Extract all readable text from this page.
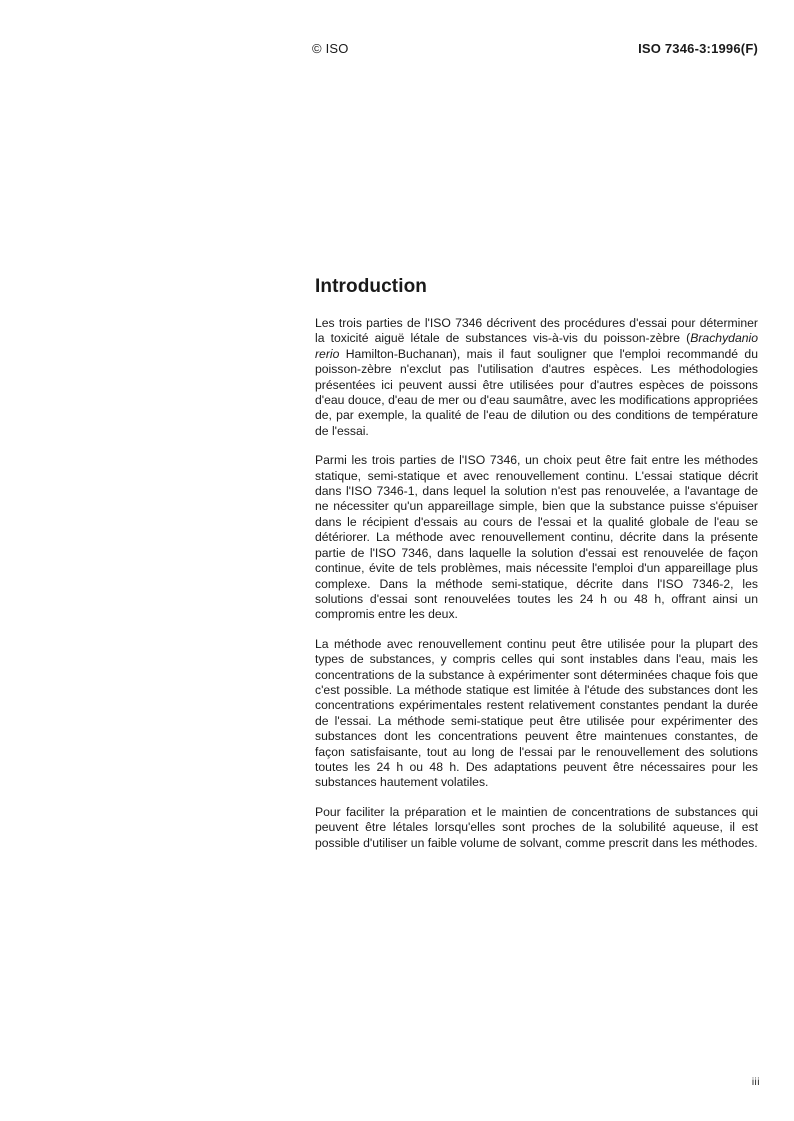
© ISO	ISO 7346-3:1996(F)
Introduction

Les trois parties de l'ISO 7346 décrivent des procédures d'essai pour déterminer la toxicité aiguë létale de substances vis-à-vis du poisson-zèbre (Brachydanio rerio Hamilton-Buchanan), mais il faut souligner que l'emploi recommandé du poisson-zèbre n'exclut pas l'utilisation d'autres espèces. Les méthodologies présentées ici peuvent aussi être utilisées pour d'autres espèces de poissons d'eau douce, d'eau de mer ou d'eau saumâtre, avec les modifications appropriées de, par exemple, la qualité de l'eau de dilution ou des conditions de température de l'essai.

Parmi les trois parties de l'ISO 7346, un choix peut être fait entre les méthodes statique, semi-statique et avec renouvellement continu. L'essai statique décrit dans l'ISO 7346-1, dans lequel la solution n'est pas renouvelée, a l'avantage de ne nécessiter qu'un appareillage simple, bien que la substance puisse s'épuiser dans le récipient d'essais au cours de l'essai et la qualité globale de l'eau se détériorer. La méthode avec renouvellement continu, décrite dans la présente partie de l'ISO 7346, dans laquelle la solution d'essai est renouvelée de façon continue, évite de tels problèmes, mais nécessite l'emploi d'un appareillage plus complexe. Dans la méthode semi-statique, décrite dans l'ISO 7346-2, les solutions d'essai sont renouvelées toutes les 24 h ou 48 h, offrant ainsi un compromis entre les deux.

La méthode avec renouvellement continu peut être utilisée pour la plupart des types de substances, y compris celles qui sont instables dans l'eau, mais les concentrations de la substance à expérimenter sont déterminées chaque fois que c'est possible. La méthode statique est limitée à l'étude des substances dont les concentrations expérimentales restent relativement constantes pendant la durée de l'essai. La méthode semi-statique peut être utilisée pour expérimenter des substances dont les concentrations peuvent être maintenues constantes, de façon satisfaisante, tout au long de l'essai par le renouvellement des solutions toutes les 24 h ou 48 h. Des adaptations peuvent être nécessaires pour les substances hautement volatiles.

Pour faciliter la préparation et le maintien de concentrations de substances qui peuvent être létales lorsqu'elles sont proches de la solubilité aqueuse, il est possible d'utiliser un faible volume de solvant, comme prescrit dans les méthodes.

iii
